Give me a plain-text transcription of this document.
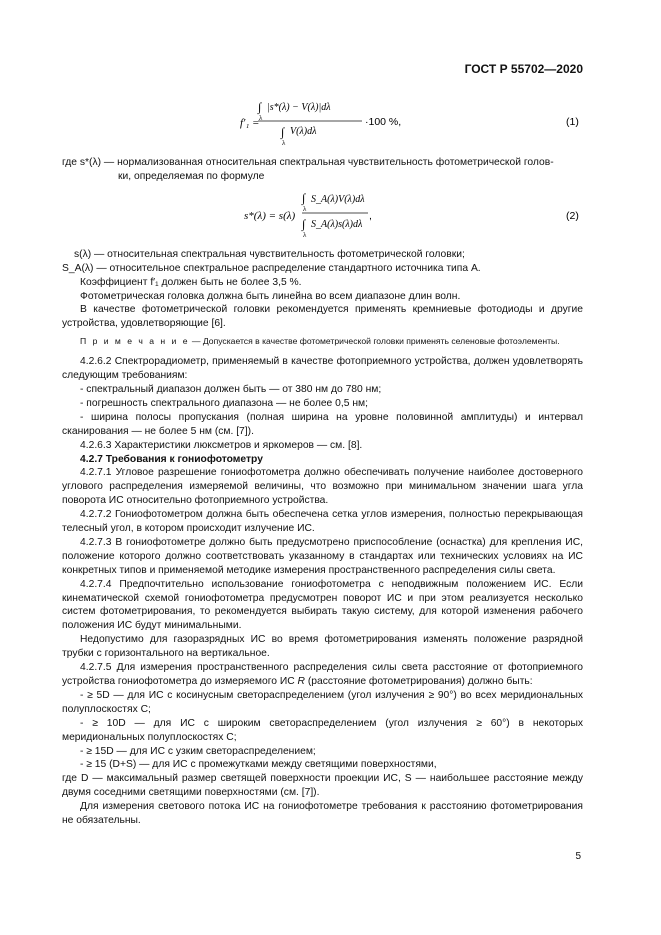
ГОСТ Р 55702—2020
f′₁ =
∫
λ
|s*(λ) − V(λ)|dλ
∫
λ
V(λ)dλ
·100 %,	(1)

где s*(λ) — нормализованная относительная спектральная чувствительность фотометрической голов-
ки, определяемая по формуле

s*(λ) = s(λ)
∫
λ
S_A(λ)V(λ)dλ
∫
λ
S_A(λ)s(λ)dλ
,	(2)

s(λ) — относительная спектральная чувствительность фотометрической головки;

S_A(λ) — относительное спектральное распределение стандартного источника типа А.

Коэффициент f′₁ должен быть не более 3,5 %.

Фотометрическая головка должна быть линейна во всем диапазоне длин волн.

В качестве фотометрической головки рекомендуется применять кремниевые фотодиоды и другие устройства, удовлетворяющие [6].

П р и м е ч а н и е — Допускается в качестве фотометрической головки применять селеновые фотоэлементы.

4.2.6.2 Спектрорадиометр, применяемый в качестве фотоприемного устройства, должен удовлетворять следующим требованиям:

- спектральный диапазон должен быть — от 380 нм до 780 нм;

- погрешность спектрального диапазона — не более 0,5 нм;

- ширина полосы пропускания (полная ширина на уровне половинной амплитуды) и интервал сканирования — не более 5 нм (см. [7]).

4.2.6.3 Характеристики люксметров и яркомеров — см. [8].

4.2.7 Требования к гониофотометру

4.2.7.1 Угловое разрешение гониофотометра должно обеспечивать получение наиболее достоверного углового распределения измеряемой величины, что возможно при минимальном значении шага угла поворота ИС относительно фотоприемного устройства.

4.2.7.2 Гониофотометром должна быть обеспечена сетка углов измерения, полностью перекрывающая телесный угол, в котором происходит излучение ИС.

4.2.7.3 В гониофотометре должно быть предусмотрено приспособление (оснастка) для крепления ИС, положение которого должно соответствовать указанному в стандартах или технических условиях на ИС конкретных типов и применяемой методике измерения пространственного распределения силы света.

4.2.7.4 Предпочтительно использование гониофотометра с неподвижным положением ИС. Если кинематической схемой гониофотометра предусмотрен поворот ИС и при этом реализуется несколько систем фотометрирования, то рекомендуется выбирать такую систему, для которой изменения рабочего положения ИС будут минимальными.

Недопустимо для газоразрядных ИС во время фотометрирования изменять положение разрядной трубки с горизонтального на вертикальное.

4.2.7.5 Для измерения пространственного распределения силы света расстояние от фотоприемного устройства гониофотометра до измеряемого ИС R (расстояние фотометрирования) должно быть:

- ≥ 5D — для ИС с косинусным светораспределением (угол излучения ≥ 90°) во всех меридиональных полуплоскостях С;

- ≥ 10D — для ИС с широким светораспределением (угол излучения ≥ 60°) в некоторых меридиональных полуплоскостях С;

- ≥ 15D — для ИС с узким светораспределением;

- ≥ 15 (D+S) — для ИС с промежутками между светящими поверхностями,

где D — максимальный размер светящей поверхности проекции ИС, S — наибольшее расстояние между двумя соседними светящими поверхностями (см. [7]).

Для измерения светового потока ИС на гониофотометре требования к расстоянию фотометрирования не обязательны.

5
